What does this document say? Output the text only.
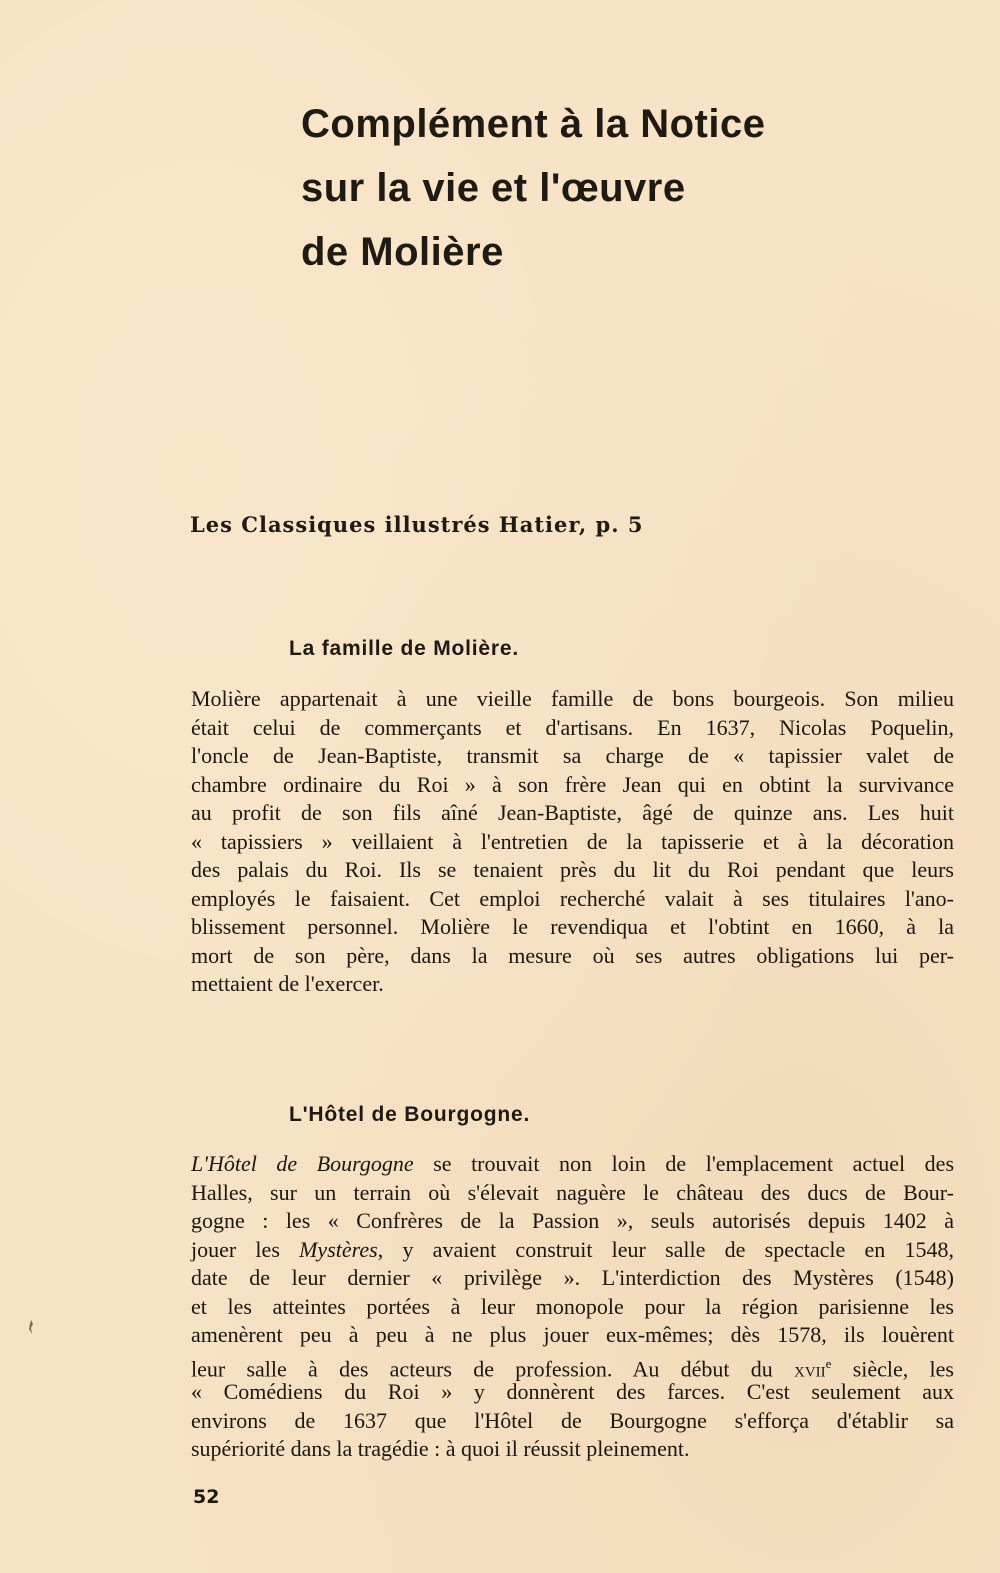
Complément à la Notice
sur la vie et l'œuvre
de Molière

Les Classiques illustrés Hatier, p. 5

La famille de Molière.
Molière appartenait à une vieille famille de bons bourgeois. Son milieu
était celui de commerçants et d'artisans. En 1637, Nicolas Poquelin,
l'oncle de Jean-Baptiste, transmit sa charge de « tapissier valet de
chambre ordinaire du Roi » à son frère Jean qui en obtint la survivance
au profit de son fils aîné Jean-Baptiste, âgé de quinze ans. Les huit
« tapissiers » veillaient à l'entretien de la tapisserie et à la décoration
des palais du Roi. Ils se tenaient près du lit du Roi pendant que leurs
employés le faisaient. Cet emploi recherché valait à ses titulaires l'ano-
blissement personnel. Molière le revendiqua et l'obtint en 1660, à la
mort de son père, dans la mesure où ses autres obligations lui per-
mettaient de l'exercer.
L'Hôtel de Bourgogne.
L'Hôtel de Bourgogne se trouvait non loin de l'emplacement actuel des
Halles, sur un terrain où s'élevait naguère le château des ducs de Bour-
gogne : les « Confrères de la Passion », seuls autorisés depuis 1402 à
jouer les Mystères, y avaient construit leur salle de spectacle en 1548,
date de leur dernier « privilège ». L'interdiction des Mystères (1548)
et les atteintes portées à leur monopole pour la région parisienne les
amenèrent peu à peu à ne plus jouer eux-mêmes; dès 1578, ils louèrent
leur salle à des acteurs de profession. Au début du xvii$^e$ siècle, les
« Comédiens du Roi » y donnèrent des farces. C'est seulement aux
environs de 1637 que l'Hôtel de Bourgogne s'efforça d'établir sa
supériorité dans la tragédie : à quoi il réussit pleinement.

52
